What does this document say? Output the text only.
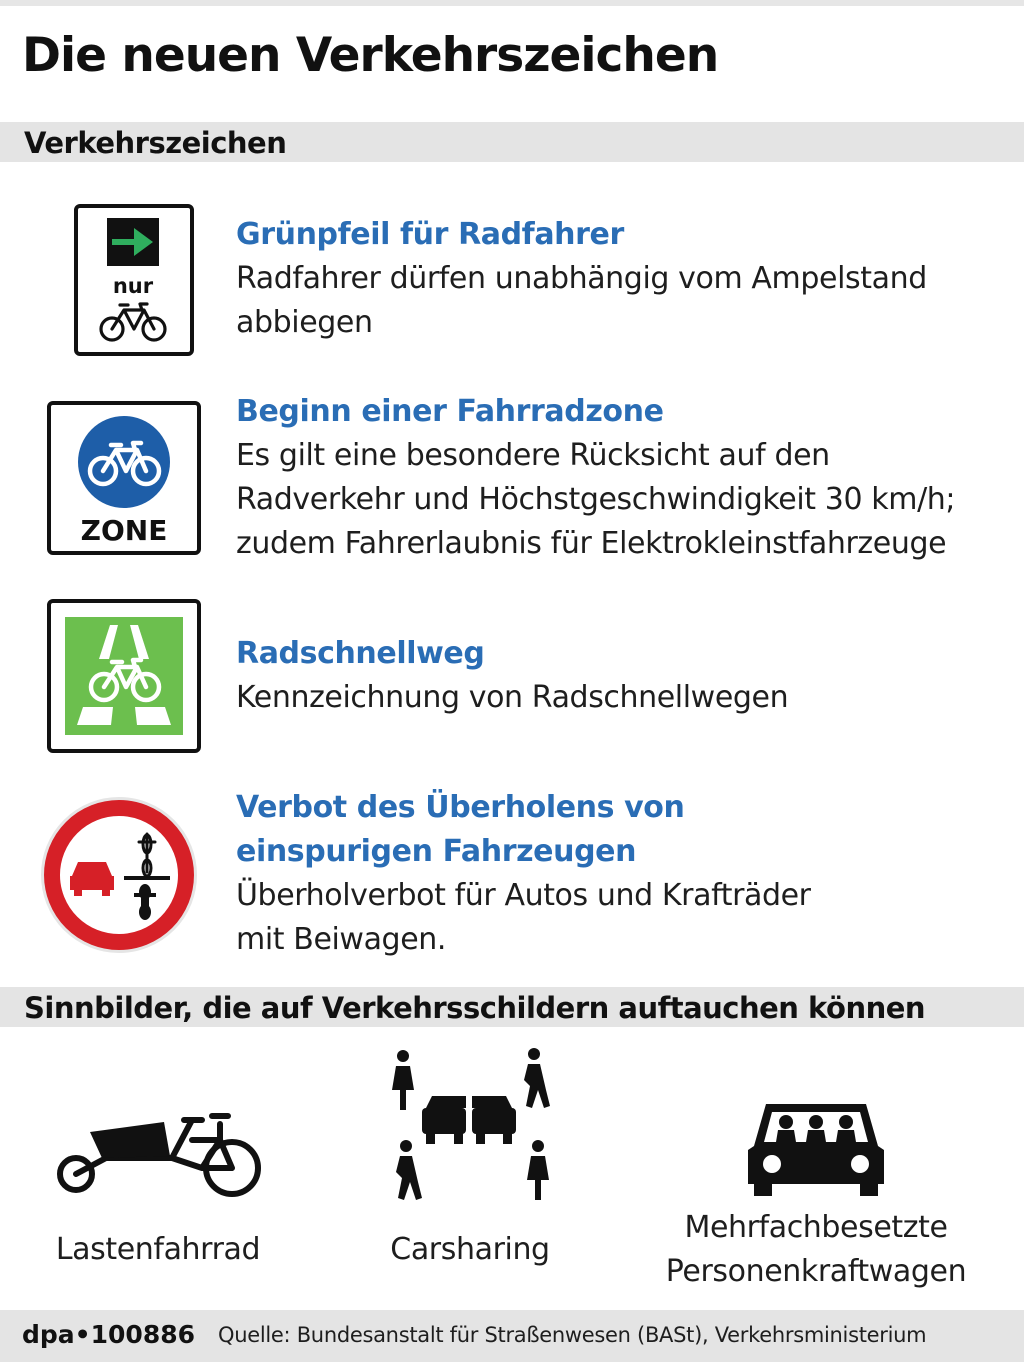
Die neuen Verkehrszeichen
Verkehrszeichen
nur
Grünpfeil für Radfahrer
Radfahrer dürfen unabhängig vom Ampelstand
abbiegen
ZONE
Beginn einer Fahrradzone
Es gilt eine besondere Rücksicht auf den
Radverkehr und Höchstgeschwindigkeit 30 km/h;
zudem Fahrerlaubnis für Elektrokleinstfahrzeuge
Radschnellweg
Kennzeichnung von Radschnellwegen
Verbot des Überholens von
einspurigen Fahrzeugen
Überholverbot für Autos und Krafträder
mit Beiwagen.
Sinnbilder, die auf Verkehrsschildern auftauchen können
Lastenfahrrad	Carsharing
Mehrfachbesetzte
Personenkraftwagen
dpa•100886 Quelle: Bundesanstalt für Straßenwesen (BASt), Verkehrsministerium
